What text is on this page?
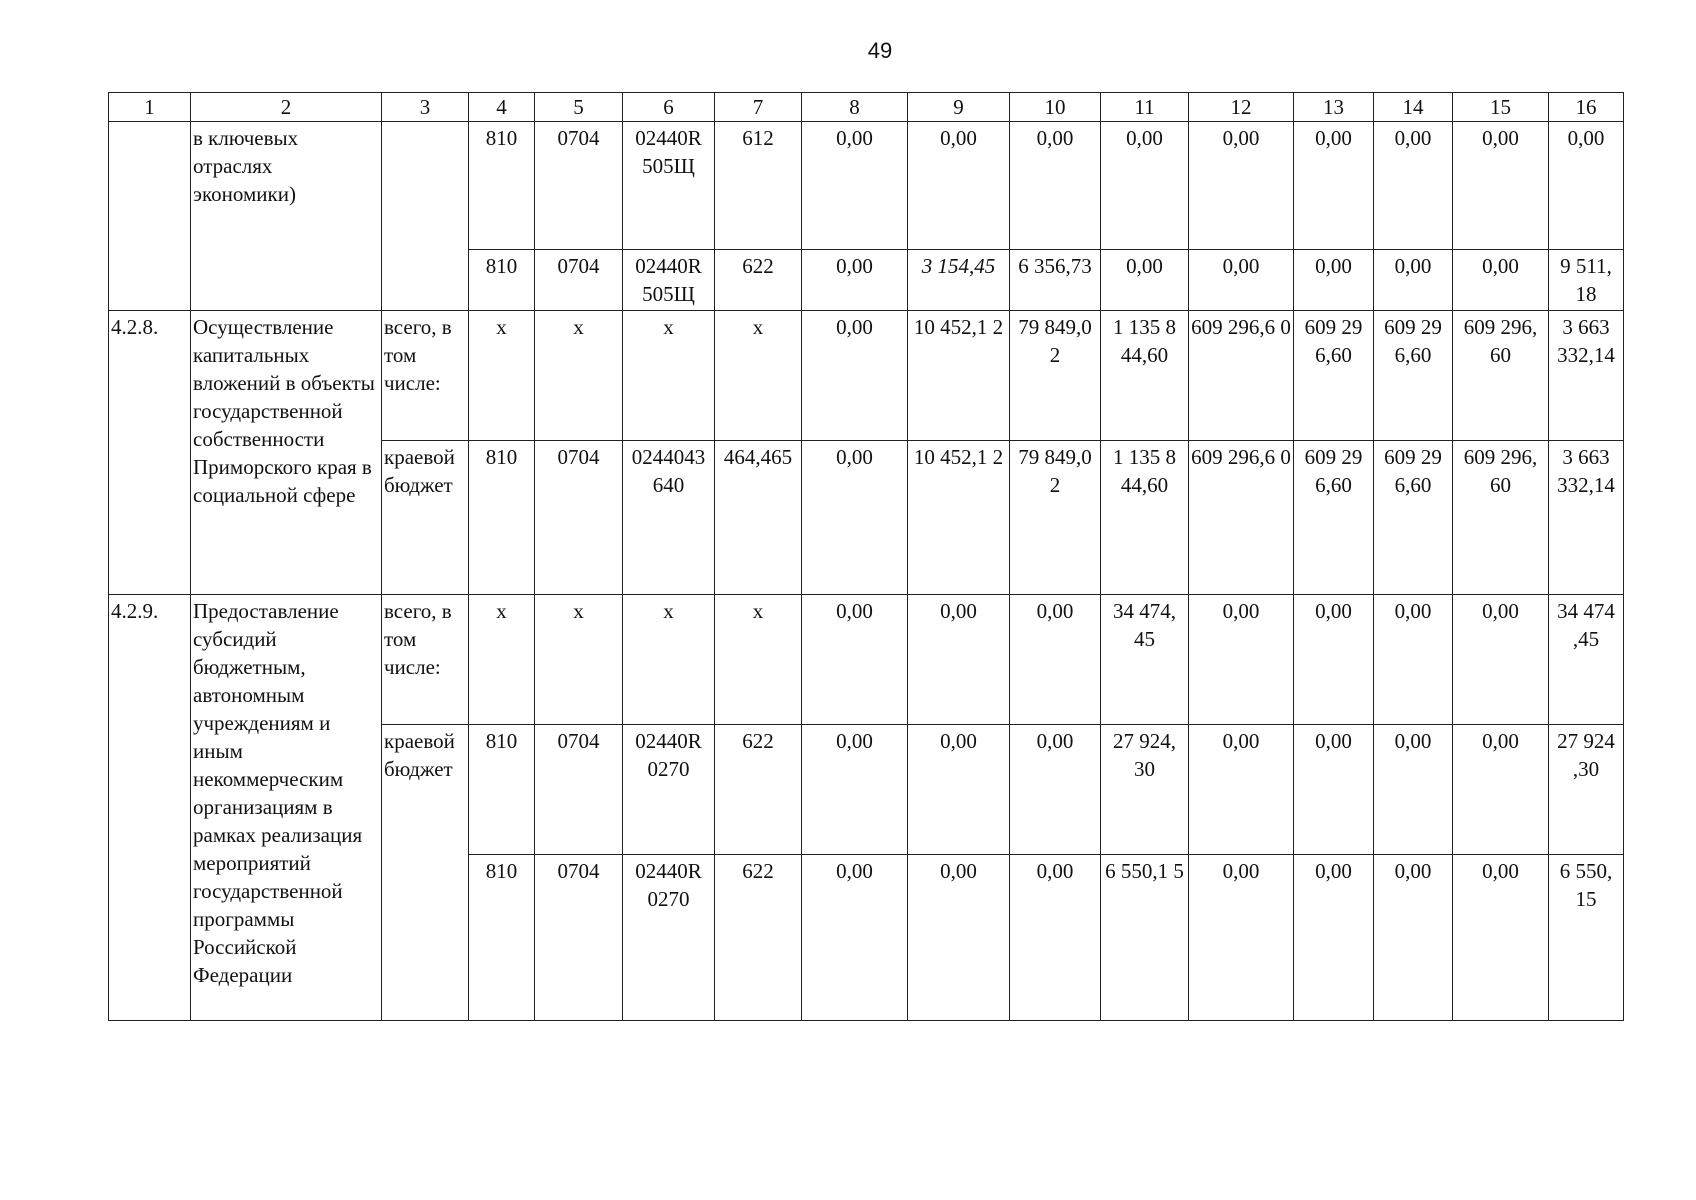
49
1	2	3	4	5	6	7	8	9	10	11	12	13	14	15	16
	в ключевых отраслях экономики)		810	0704	02440R 505Щ	612	0,00	0,00	0,00	0,00	0,00	0,00	0,00	0,00	0,00
			810	0704	02440R 505Щ	622	0,00	3 154,45	6 356,73	0,00	0,00	0,00	0,00	0,00	9 511, 18
4.2.8.	Осуществление капитальных вложений в объекты государственной собственности Приморского края в социальной сфере	всего, в том числе:	х	х	х	х	0,00	10 452,1 2	79 849,0 2	1 135 8 44,60	609 296,6 0	609 29 6,60	609 29 6,60	609 296, 60	3 663 332,14
		краевой бюджет	810	0704	0244043 640	464,465	0,00	10 452,1 2	79 849,0 2	1 135 8 44,60	609 296,6 0	609 29 6,60	609 29 6,60	609 296, 60	3 663 332,14
4.2.9.	Предоставление субсидий бюджетным, автономным учреждениям и иным некоммерческим организациям в рамках реализация мероприятий государственной программы Российской Федерации	всего, в том числе:	х	х	х	х	0,00	0,00	0,00	34 474, 45	0,00	0,00	0,00	0,00	34 474 ,45
		краевой бюджет	810	0704	02440R 0270	622	0,00	0,00	0,00	27 924, 30	0,00	0,00	0,00	0,00	27 924 ,30
			810	0704	02440R 0270	622	0,00	0,00	0,00	6 550,1 5	0,00	0,00	0,00	0,00	6 550, 15
